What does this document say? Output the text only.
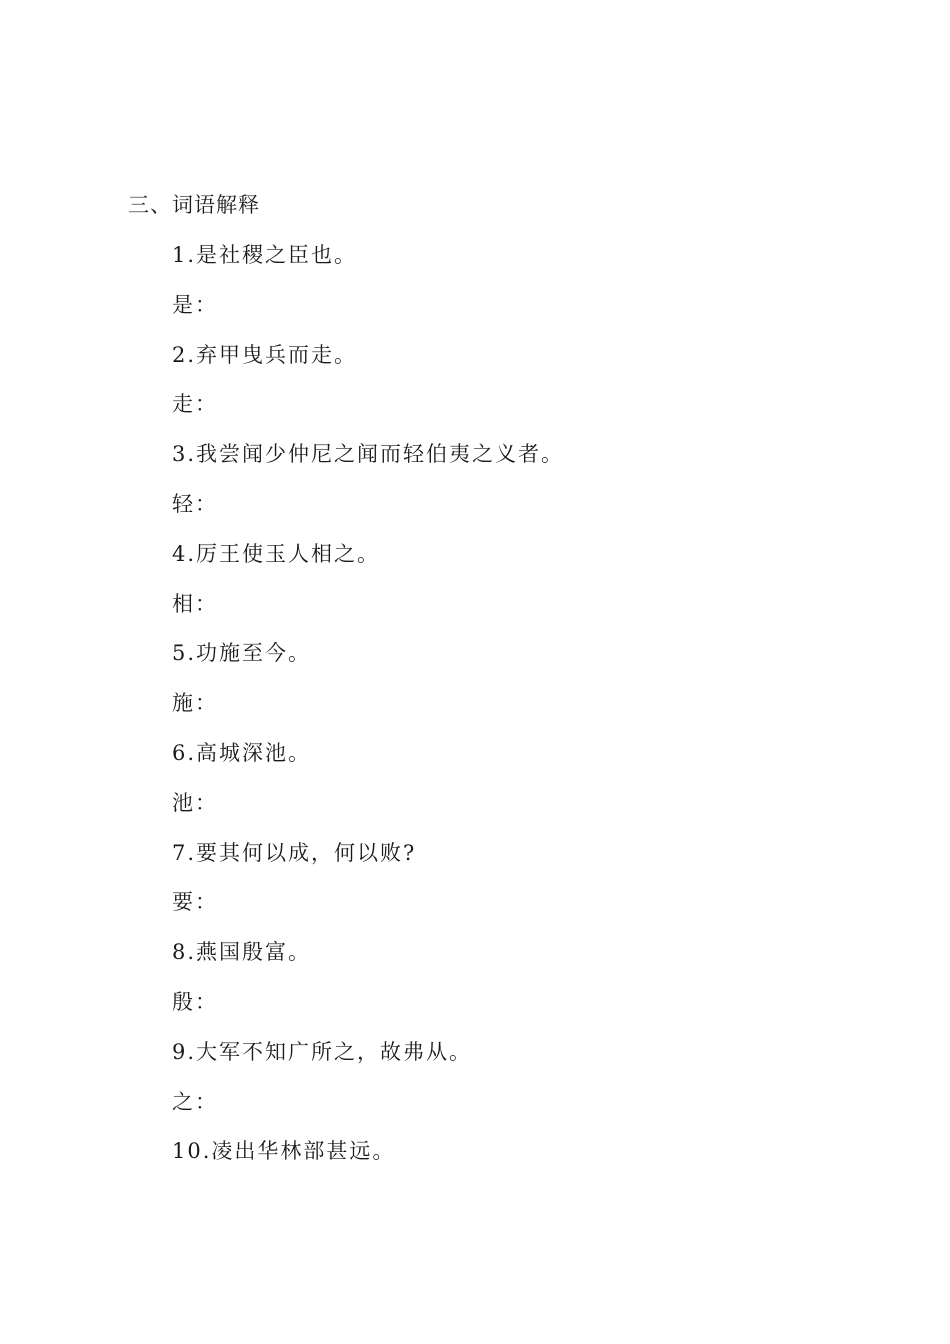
三、词语解释
1.是社稷之臣也。
是：
2.弃甲曳兵而走。
走：
3.我尝闻少仲尼之闻而轻伯夷之义者。
轻：
4.厉王使玉人相之。
相：
5.功施至今。
施：
6.高城深池。
池：
7.要其何以成，何以败?
要：
8.燕国殷富。
殷：
9.大军不知广所之，故弗从。
之：
10.凌出华林部甚远。
